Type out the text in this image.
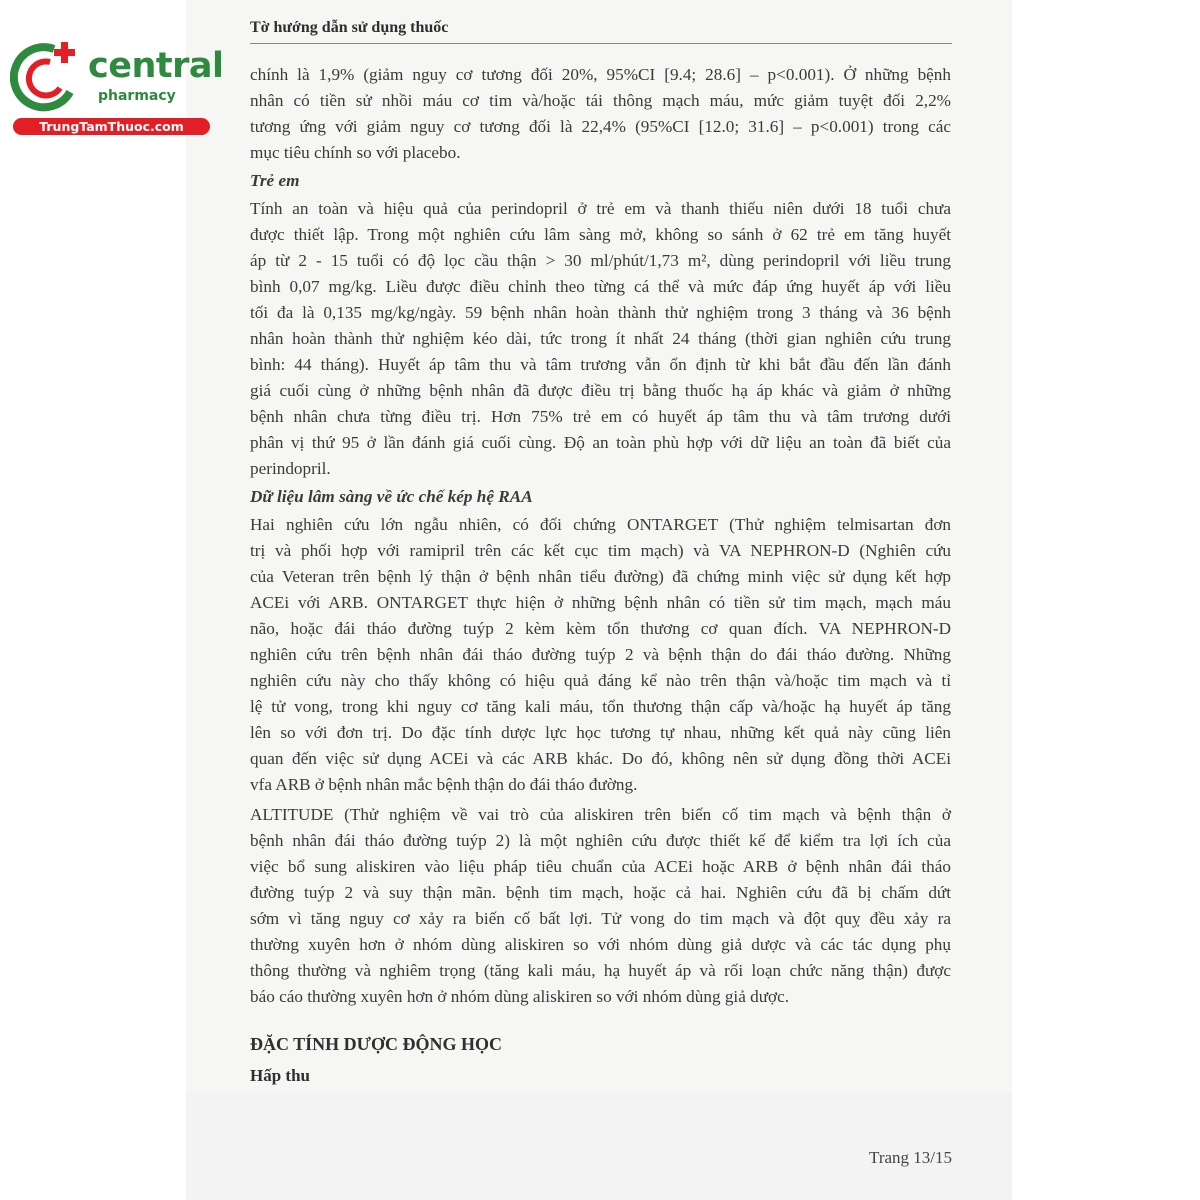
central
pharmacy
TrungTamThuoc.com
Tờ hướng dẫn sử dụng thuốc
chính là 1,9% (giảm nguy cơ tương đối 20%, 95%CI [9.4; 28.6] – p<0.001). Ở những bệnh
nhân có tiền sử nhồi máu cơ tim và/hoặc tái thông mạch máu, mức giảm tuyệt đối 2,2%
tương ứng với giảm nguy cơ tương đối là 22,4% (95%CI [12.0; 31.6] – p<0.001) trong các
mục tiêu chính so với placebo.
Trẻ em
Tính an toàn và hiệu quả của perindopril ở trẻ em và thanh thiếu niên dưới 18 tuổi chưa
được thiết lập. Trong một nghiên cứu lâm sàng mở, không so sánh ở 62 trẻ em tăng huyết
áp từ 2 - 15 tuổi có độ lọc cầu thận > 30 ml/phút/1,73 m², dùng perindopril với liều trung
bình 0,07 mg/kg. Liều được điều chỉnh theo từng cá thể và mức đáp ứng huyết áp với liều
tối đa là 0,135 mg/kg/ngày. 59 bệnh nhân hoàn thành thử nghiệm trong 3 tháng và 36 bệnh
nhân hoàn thành thử nghiệm kéo dài, tức trong ít nhất 24 tháng (thời gian nghiên cứu trung
bình: 44 tháng). Huyết áp tâm thu và tâm trương vẫn ổn định từ khi bắt đầu đến lần đánh
giá cuối cùng ở những bệnh nhân đã được điều trị bằng thuốc hạ áp khác và giảm ở những
bệnh nhân chưa từng điều trị. Hơn 75% trẻ em có huyết áp tâm thu và tâm trương dưới
phân vị thứ 95 ở lần đánh giá cuối cùng. Độ an toàn phù hợp với dữ liệu an toàn đã biết của
perindopril.
Dữ liệu lâm sàng về ức chế kép hệ RAA
Hai nghiên cứu lớn ngẫu nhiên, có đối chứng ONTARGET (Thử nghiệm telmisartan đơn
trị và phối hợp với ramipril trên các kết cục tim mạch) và VA NEPHRON-D (Nghiên cứu
của Veteran trên bệnh lý thận ở bệnh nhân tiểu đường) đã chứng minh việc sử dụng kết hợp
ACEi với ARB. ONTARGET thực hiện ở những bệnh nhân có tiền sử tim mạch, mạch máu
não, hoặc đái tháo đường tuýp 2 kèm kèm tổn thương cơ quan đích. VA NEPHRON-D
nghiên cứu trên bệnh nhân đái tháo đường tuýp 2 và bệnh thận do đái tháo đường. Những
nghiên cứu này cho thấy không có hiệu quả đáng kể nào trên thận và/hoặc tim mạch và tỉ
lệ tử vong, trong khi nguy cơ tăng kali máu, tổn thương thận cấp và/hoặc hạ huyết áp tăng
lên so với đơn trị. Do đặc tính dược lực học tương tự nhau, những kết quả này cũng liên
quan đến việc sử dụng ACEi và các ARB khác. Do đó, không nên sử dụng đồng thời ACEi
vfa ARB ở bệnh nhân mắc bệnh thận do đái tháo đường.
ALTITUDE (Thử nghiệm về vai trò của aliskiren trên biến cố tim mạch và bệnh thận ở
bệnh nhân đái tháo đường tuýp 2) là một nghiên cứu được thiết kế để kiểm tra lợi ích của
việc bổ sung aliskiren vào liệu pháp tiêu chuẩn của ACEi hoặc ARB ở bệnh nhân đái tháo
đường tuýp 2 và suy thận mãn. bệnh tim mạch, hoặc cả hai. Nghiên cứu đã bị chấm dứt
sớm vì tăng nguy cơ xảy ra biến cố bất lợi. Tử vong do tim mạch và đột quỵ đều xảy ra
thường xuyên hơn ở nhóm dùng aliskiren so với nhóm dùng giả dược và các tác dụng phụ
thông thường và nghiêm trọng (tăng kali máu, hạ huyết áp và rối loạn chức năng thận) được
báo cáo thường xuyên hơn ở nhóm dùng aliskiren so với nhóm dùng giả dược.
ĐẶC TÍNH DƯỢC ĐỘNG HỌC
Hấp thu
Trang 13/15
